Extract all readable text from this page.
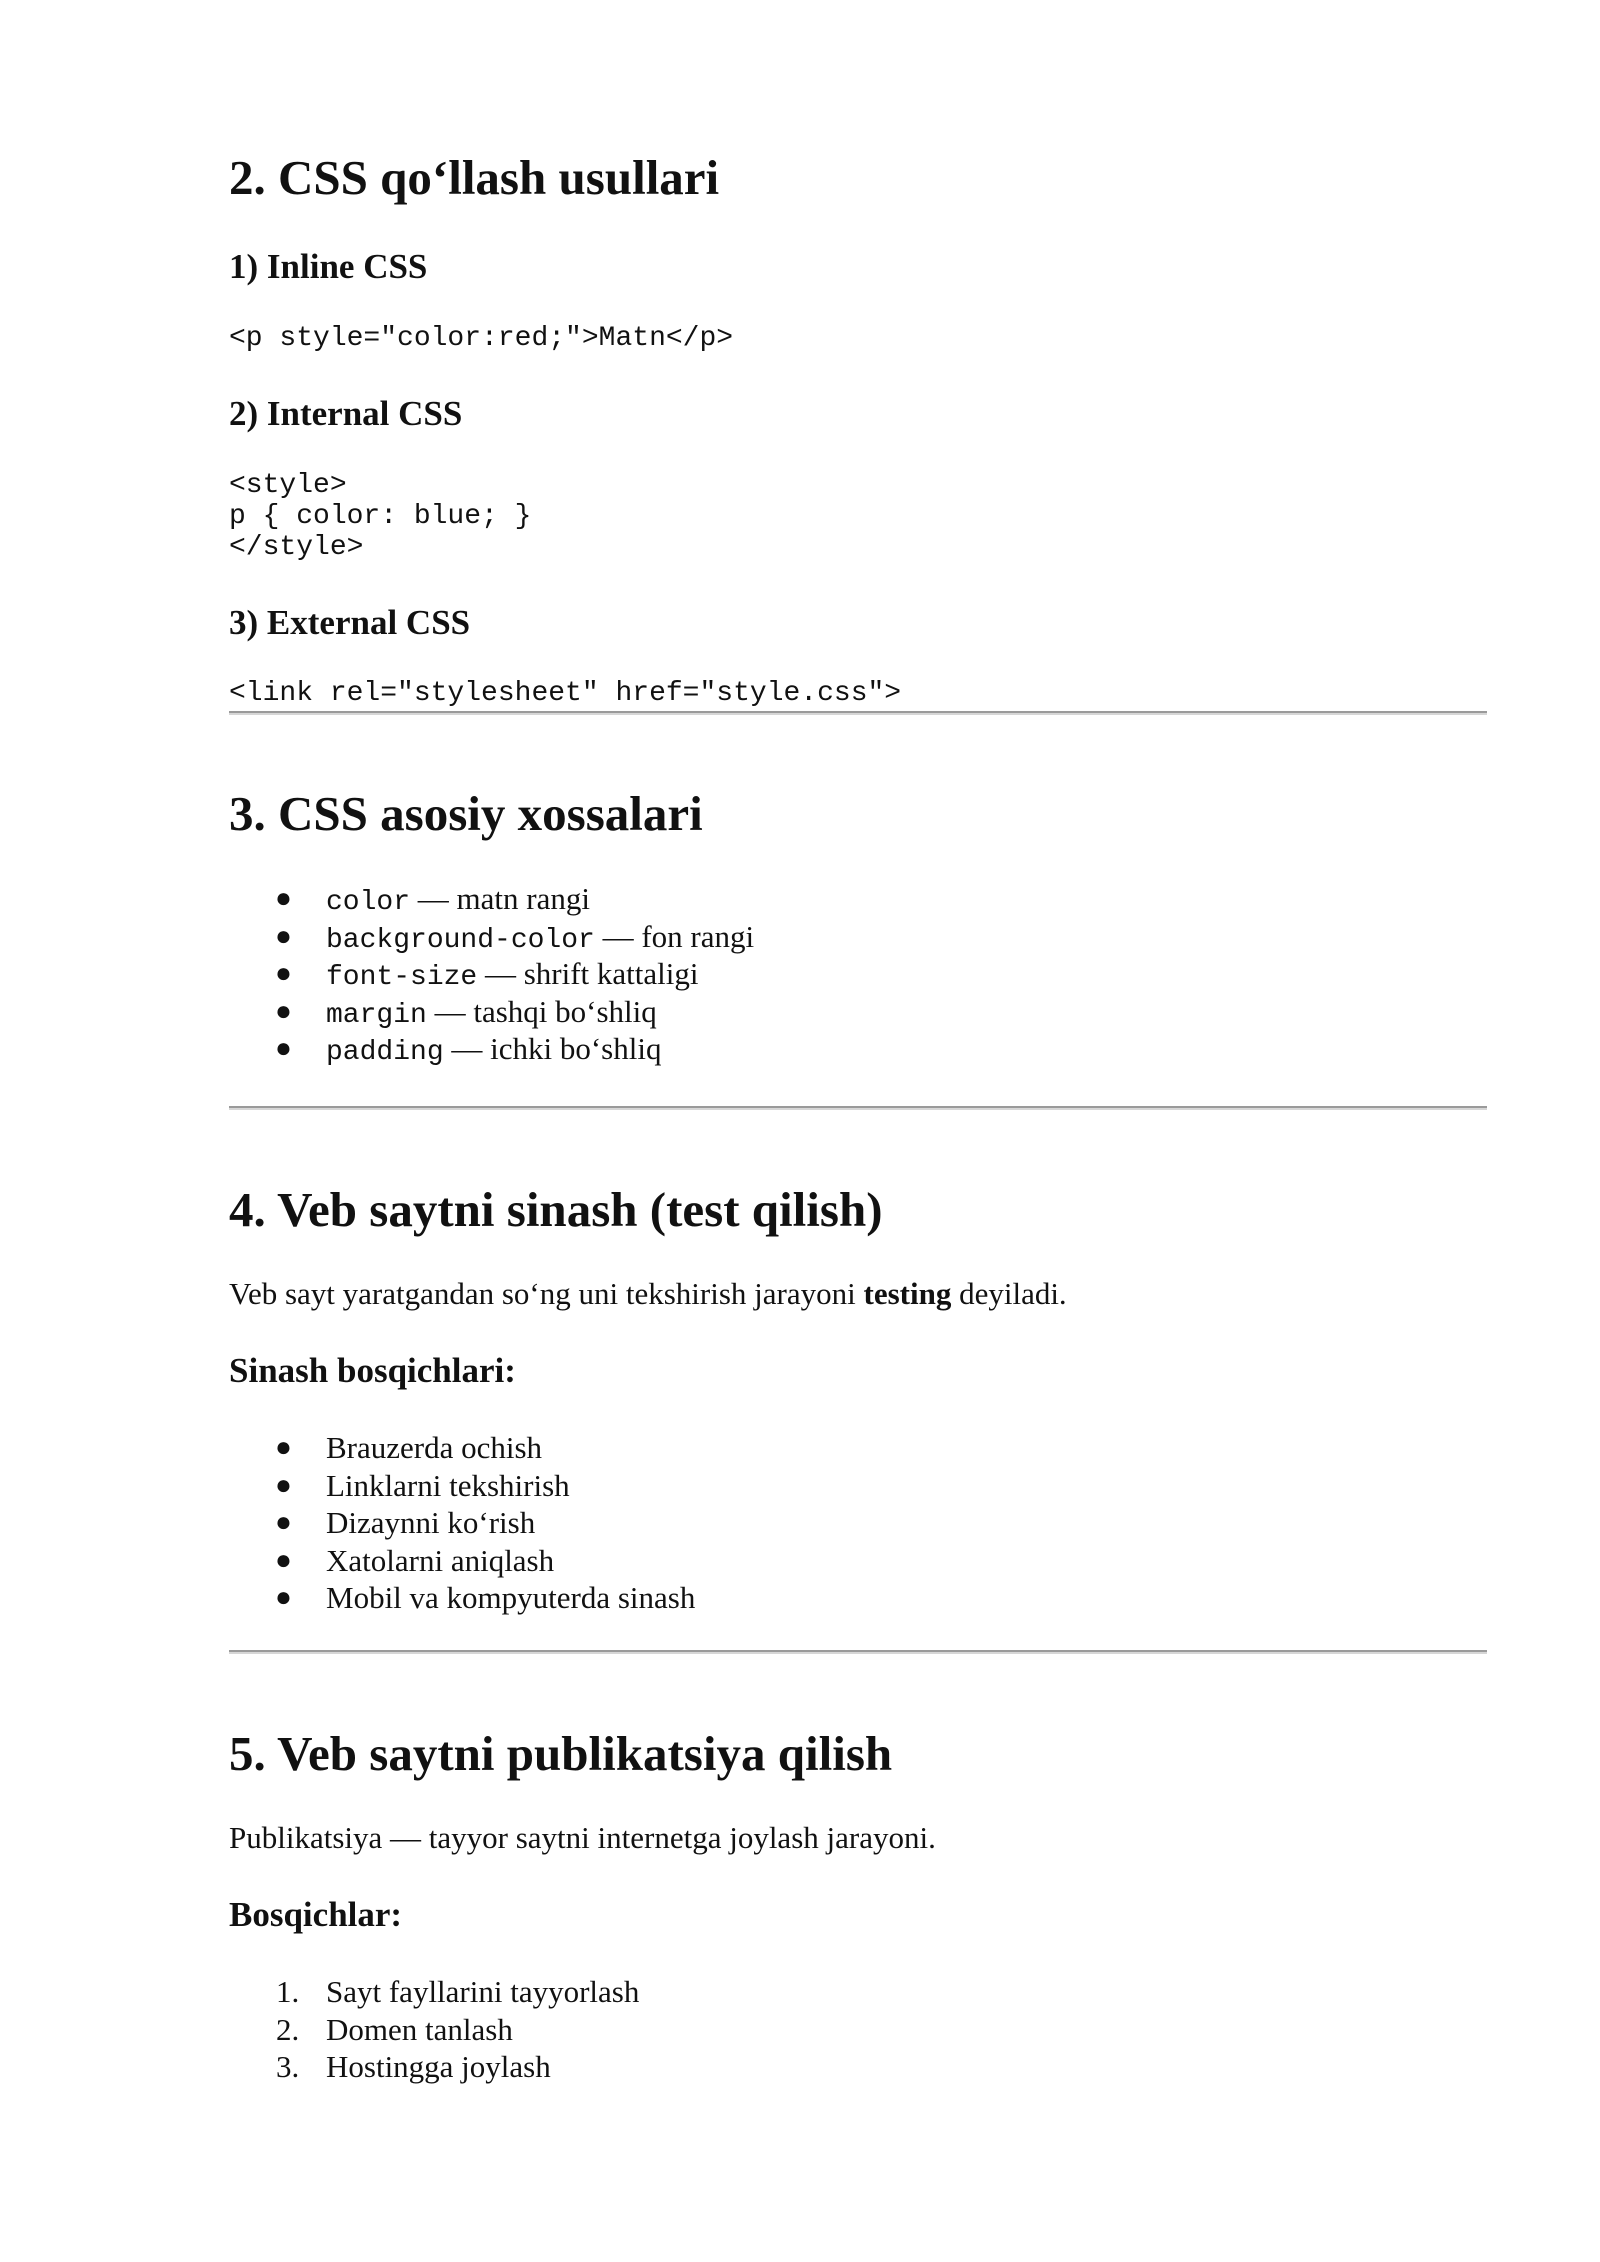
2. CSS qo‘llash usullari
1) Inline CSS
<p style="color:red;">Matn</p>
2) Internal CSS
<style>
p { color: blue; }
</style>
3) External CSS
<link rel="stylesheet" href="style.css">
3. CSS asosiy xossalari
● color — matn rangi
● background-color — fon rangi
● font-size — shrift kattaligi
● margin — tashqi bo‘shliq
● padding — ichki bo‘shliq
4. Veb saytni sinash (test qilish)

Veb sayt yaratgandan so‘ng uni tekshirish jarayoni testing deyiladi.

Sinash bosqichlari:
● Brauzerda ochish
● Linklarni tekshirish
● Dizaynni ko‘rish
● Xatolarni aniqlash
● Mobil va kompyuterda sinash
5. Veb saytni publikatsiya qilish

Publikatsiya — tayyor saytni internetga joylash jarayoni.

Bosqichlar:
1. Sayt fayllarini tayyorlash
2. Domen tanlash
3. Hostingga joylash
